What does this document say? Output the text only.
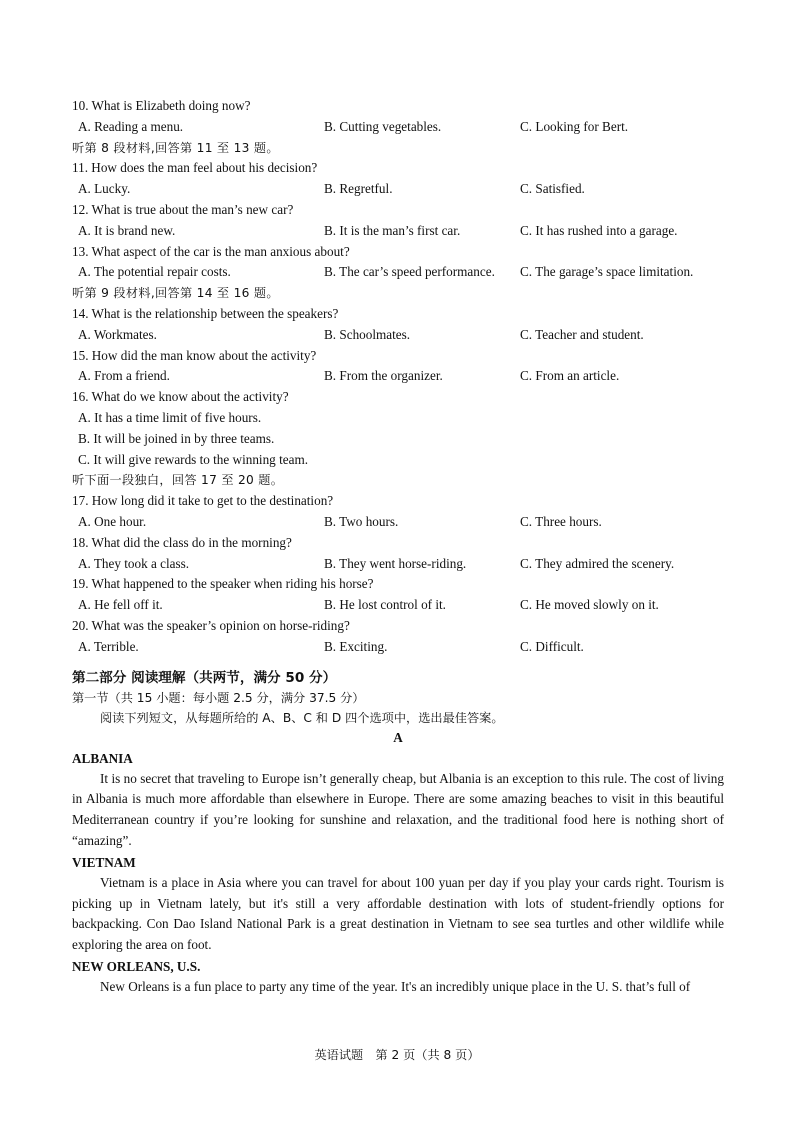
10. What is Elizabeth doing now?
A. Reading a menu.	B. Cutting vegetables.	C. Looking for Bert.
听第 8 段材料,回答第 11 至 13 题。
11. How does the man feel about his decision?
A. Lucky.	B. Regretful.	C. Satisfied.
12. What is true about the man’s new car?
A. It is brand new.	B. It is the man’s first car.	C. It has rushed into a garage.
13. What aspect of the car is the man anxious about?
A. The potential repair costs.	B. The car’s speed performance. C. The garage’s space limitation.
听第 9 段材料,回答第 14 至 16 题。
14. What is the relationship between the speakers?
A. Workmates.	B. Schoolmates.	C. Teacher and student.
15. How did the man know about the activity?
A. From a friend.	B. From the organizer.	C. From an article.
16. What do we know about the activity?
A. It has a time limit of five hours.
B. It will be joined in by three teams.
C. It will give rewards to the winning team.
听下面一段独白，回答 17 至 20 题。
17. How long did it take to get to the destination?
A. One hour.	B. Two hours.	C. Three hours.
18. What did the class do in the morning?
A. They took a class.	B. They went horse-riding.	C. They admired the scenery.
19. What happened to the speaker when riding his horse?
A. He fell off it.	B. He lost control of it.	C. He moved slowly on it.
20. What was the speaker’s opinion on horse-riding?
A. Terrible.	B. Exciting.	C. Difficult.
第二部分 阅读理解（共两节，满分 50 分）
第一节（共 15 小题：每小题 2.5 分，满分 37.5 分）
阅读下列短文，从每题所给的 A、B、C 和 D 四个选项中，选出最佳答案。
A
ALBANIA
It is no secret that traveling to Europe isn’t generally cheap, but Albania is an exception to this rule. The cost of living in Albania is much more affordable than elsewhere in Europe. There are some amazing beaches to visit in this beautiful Mediterranean country if you’re looking for sunshine and relaxation, and the traditional food here is nothing short of “amazing”.
VIETNAM
Vietnam is a place in Asia where you can travel for about 100 yuan per day if you play your cards right. Tourism is picking up in Vietnam lately, but it's still a very affordable destination with lots of student-friendly options for backpacking. Con Dao Island National Park is a great destination in Vietnam to see sea turtles and other wildlife while exploring the area on foot.
NEW ORLEANS, U.S.
New Orleans is a fun place to party any time of the year. It's an incredibly unique place in the U. S. that’s full of
英语试题　第 2 页（共 8 页）
